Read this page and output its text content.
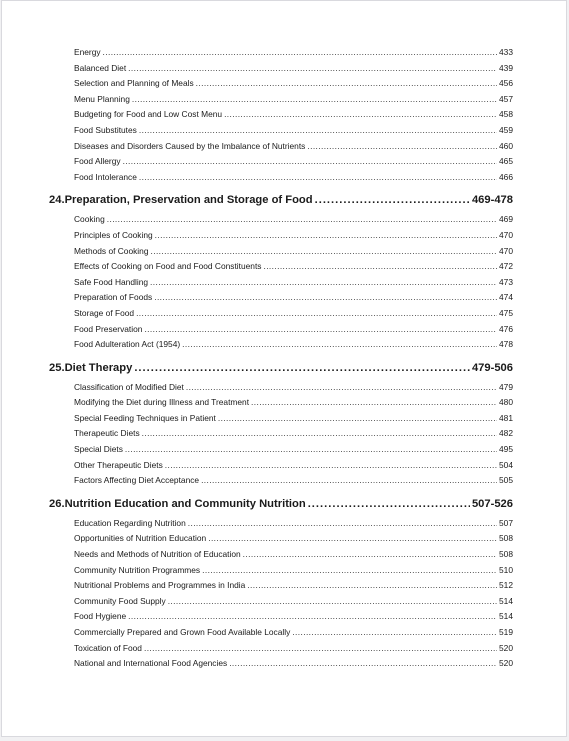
Energy .....	433
Balanced Diet .....	439
Selection and Planning of Meals .....	456
Menu Planning .....	457
Budgeting for Food and Low Cost Menu .....	458
Food Substitutes .....	459
Diseases and Disorders Caused by the Imbalance of Nutrients .....	460
Food Allergy .....	465
Food Intolerance .....	466
24. Preparation, Preservation and Storage of Food .....	469-478
Cooking .....	469
Principles of Cooking .....	470
Methods of Cooking .....	470
Effects of Cooking on Food and Food Constituents .....	472
Safe Food Handling .....	473
Preparation of Foods .....	474
Storage of Food .....	475
Food Preservation .....	476
Food Adulteration Act (1954) .....	478
25. Diet Therapy .....	479-506
Classification of Modified Diet .....	479
Modifying the Diet during Illness and Treatment .....	480
Special Feeding Techniques in Patient .....	481
Therapeutic Diets .....	482
Special Diets .....	495
Other Therapeutic Diets .....	504
Factors Affecting Diet Acceptance .....	505
26. Nutrition Education and Community Nutrition .....	507-526
Education Regarding Nutrition .....	507
Opportunities of Nutrition Education .....	508
Needs and Methods of Nutrition of Education .....	508
Community Nutrition Programmes .....	510
Nutritional Problems and Programmes in India .....	512
Community Food Supply .....	514
Food Hygiene .....	514
Commercially Prepared and Grown Food Available Locally .....	519
Toxication of Food .....	520
National and International Food Agencies .....	520
